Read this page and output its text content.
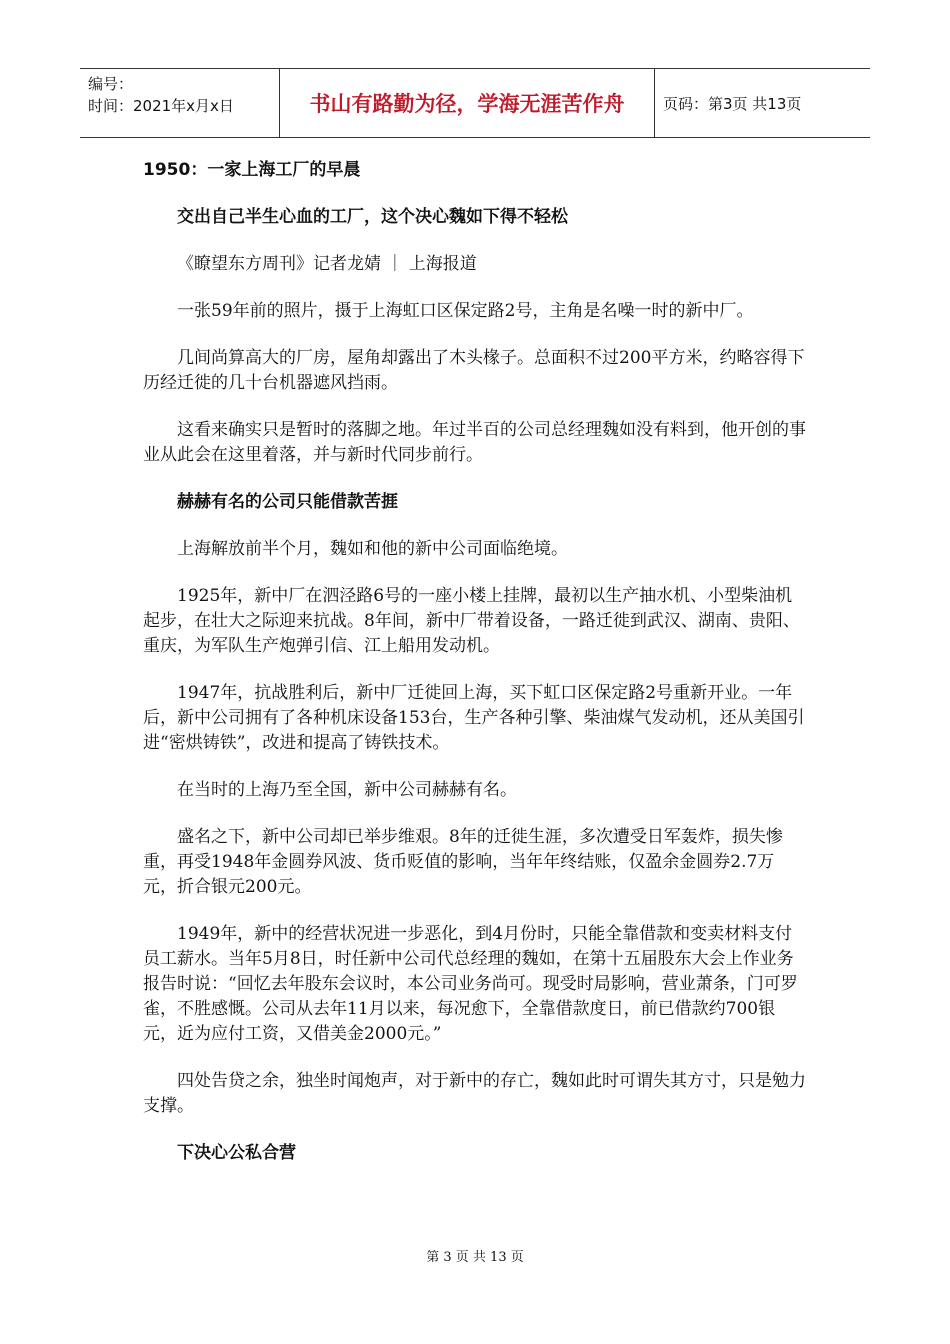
编号：
时间：2021年x月x日	书山有路勤为径，学海无涯苦作舟	页码：第3页 共13页

1950：一家上海工厂的早晨

交出自己半生心血的工厂，这个决心魏如下得不轻松

《瞭望东方周刊》记者龙婧 ｜ 上海报道

一张59年前的照片，摄于上海虹口区保定路2号，主角是名噪一时的新中厂。

几间尚算高大的厂房，屋角却露出了木头椽子。总面积不过200平方米，约略容得下历经迁徙的几十台机器遮风挡雨。

这看来确实只是暂时的落脚之地。年过半百的公司总经理魏如没有料到，他开创的事业从此会在这里着落，并与新时代同步前行。

赫赫有名的公司只能借款苦捱

上海解放前半个月，魏如和他的新中公司面临绝境。

1925年，新中厂在泗泾路6号的一座小楼上挂牌，最初以生产抽水机、小型柴油机起步，在壮大之际迎来抗战。8年间，新中厂带着设备，一路迁徙到武汉、湖南、贵阳、重庆，为军队生产炮弹引信、江上船用发动机。

1947年，抗战胜利后，新中厂迁徙回上海，买下虹口区保定路2号重新开业。一年后，新中公司拥有了各种机床设备153台，生产各种引擎、柴油煤气发动机，还从美国引进“密烘铸铁”，改进和提高了铸铁技术。

在当时的上海乃至全国，新中公司赫赫有名。

盛名之下，新中公司却已举步维艰。8年的迁徙生涯，多次遭受日军轰炸，损失惨重，再受1948年金圆券风波、货币贬值的影响，当年年终结账，仅盈余金圆券2.7万元，折合银元200元。

1949年，新中的经营状况进一步恶化，到4月份时，只能全靠借款和变卖材料支付员工薪水。当年5月8日，时任新中公司代总经理的魏如，在第十五届股东大会上作业务报告时说：“回忆去年股东会议时，本公司业务尚可。现受时局影响，营业萧条，门可罗雀，不胜感慨。公司从去年11月以来，每况愈下，全靠借款度日，前已借款约700银元，近为应付工资，又借美金2000元。”

四处告贷之余，独坐时闻炮声，对于新中的存亡，魏如此时可谓失其方寸，只是勉力支撑。

下决心公私合营

第 3 页 共 13 页
